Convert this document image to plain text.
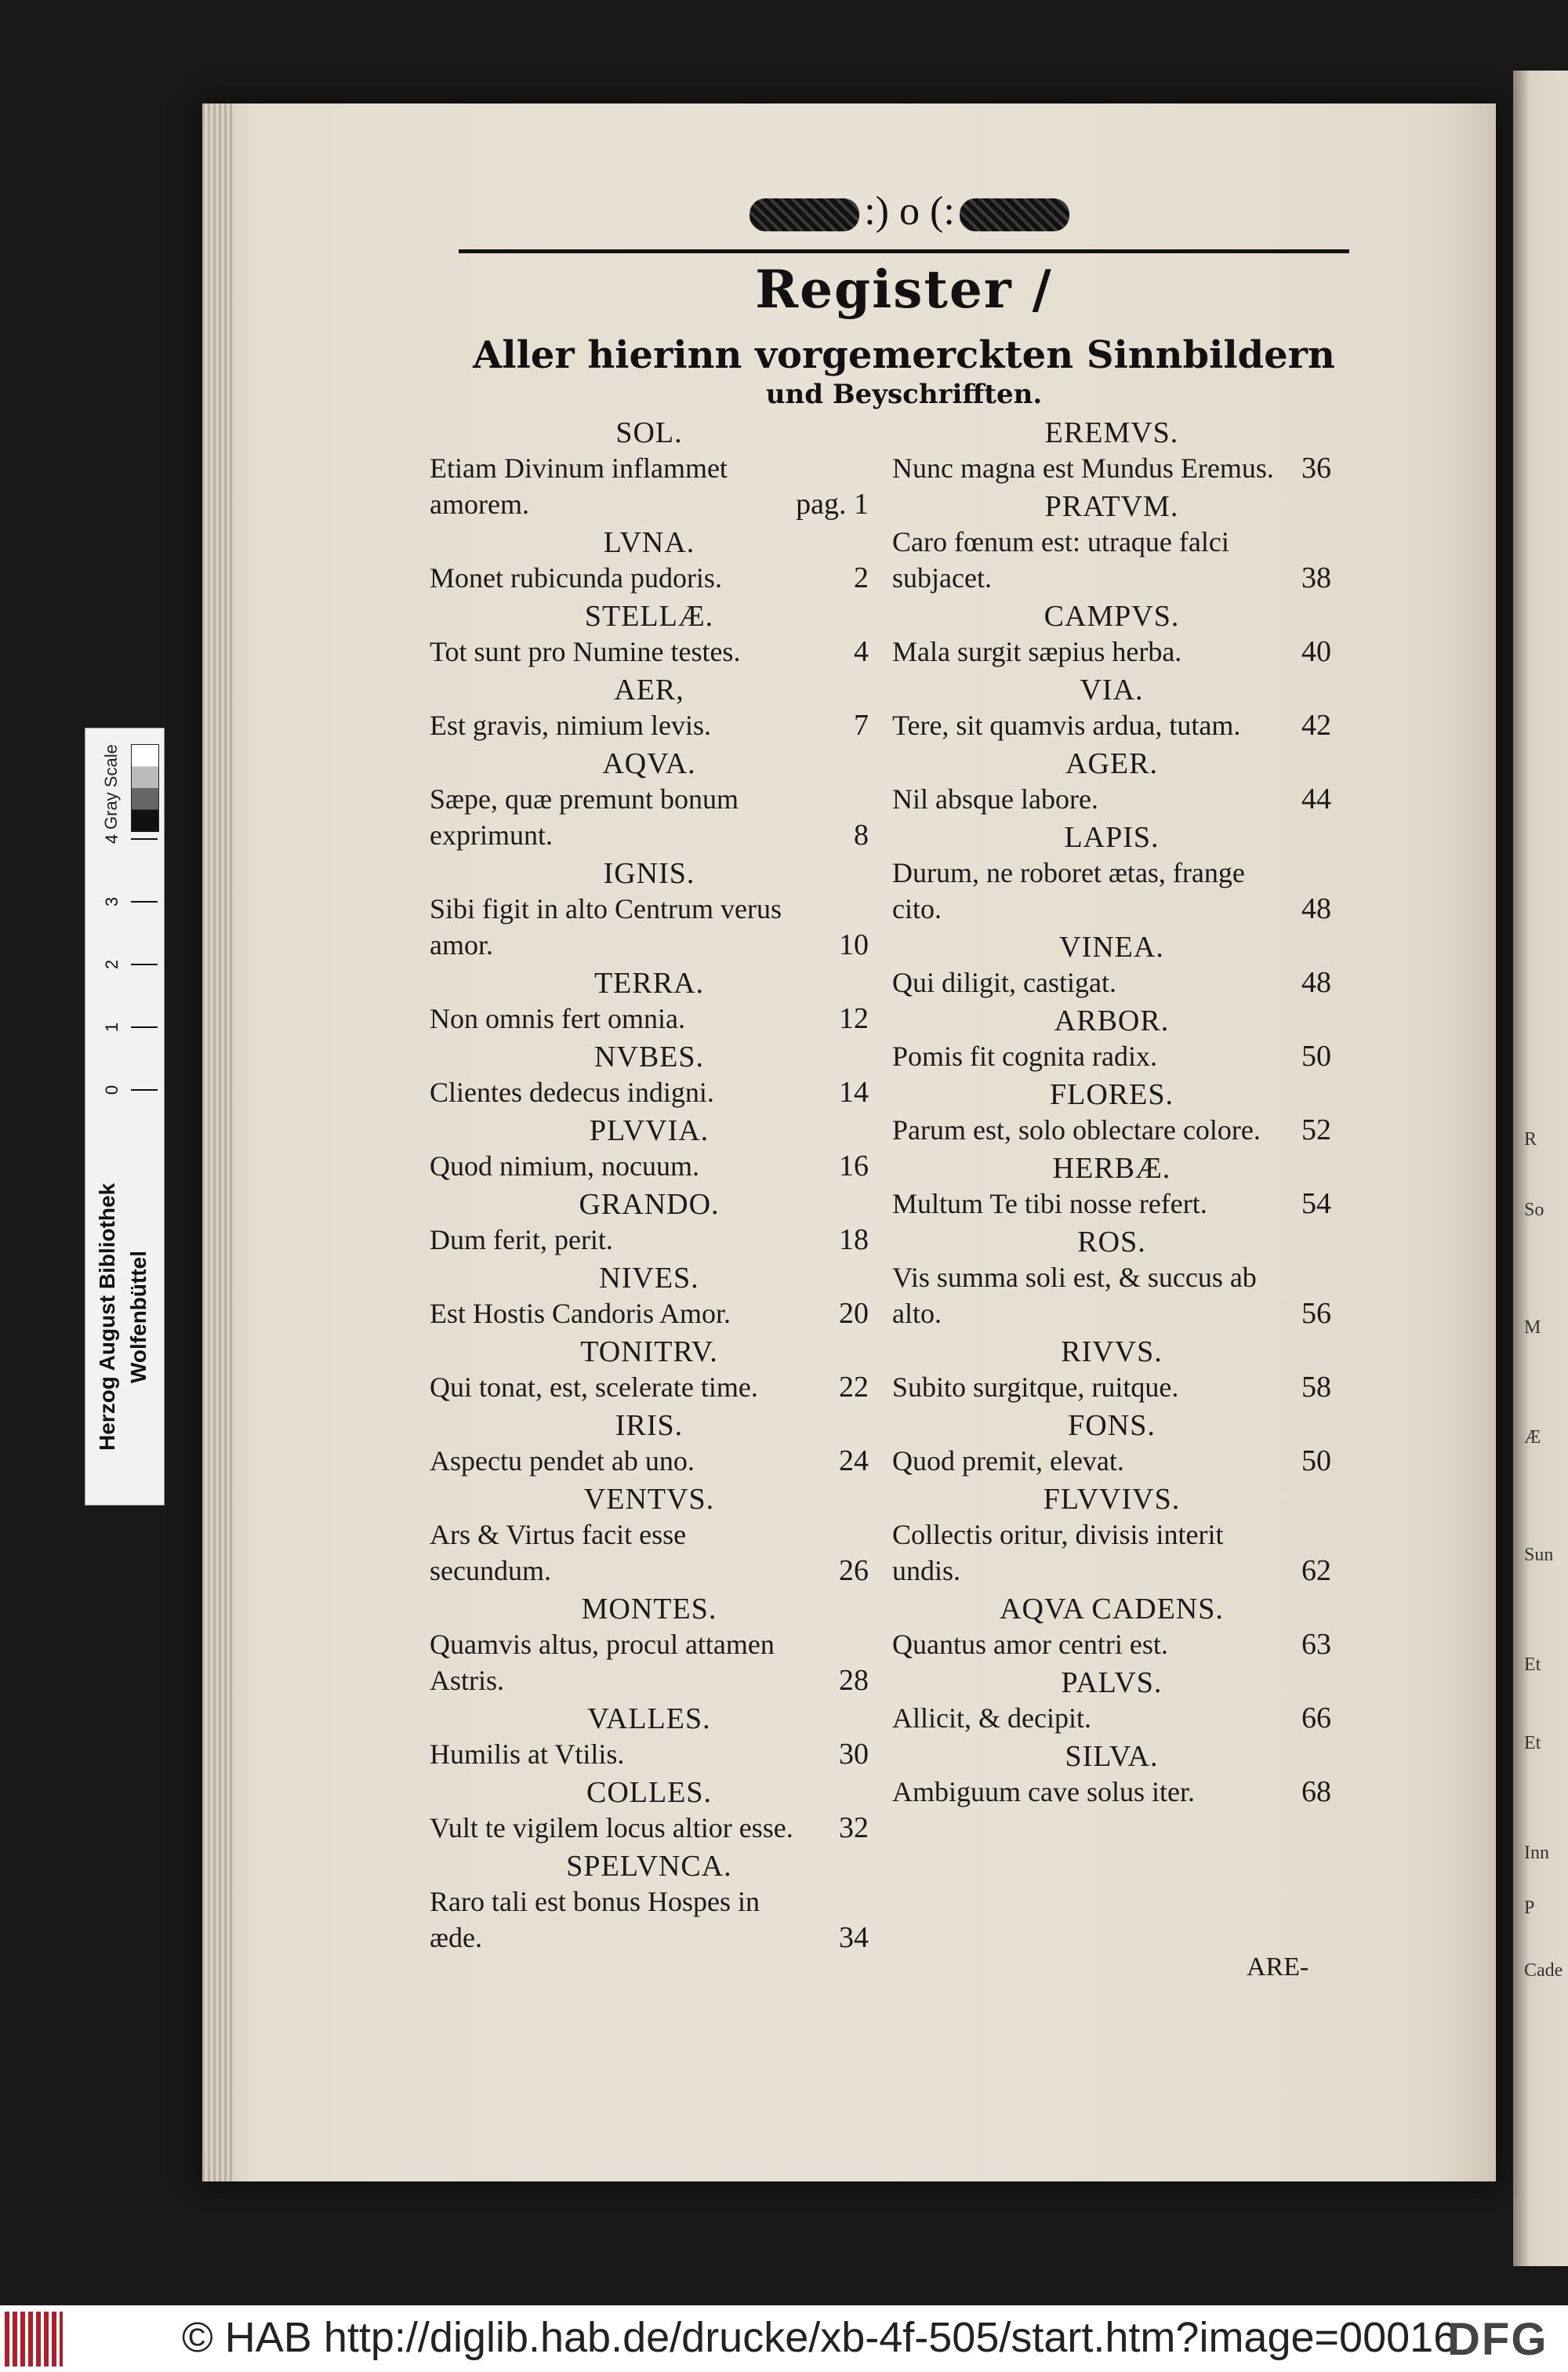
R
So
M
Æ
Sun
Et
Et
Inn
P
Cade
Gray Scale
4
3
2
1
0
Herzog August Bibliothek Wolfenbüttel
:) o (:
Register /
Aller hierinn vorgemerckten Sinnbildern
und Beyschrifften.
SOL.
Etiam Divinum inflammet amorem.	pag. 1
LVNA.
Monet rubicunda pudoris.	2
STELLÆ.
Tot sunt pro Numine testes.	4
AER,
Est gravis, nimium levis.	7
AQVA.
Sæpe, quæ premunt bonum exprimunt.	8
IGNIS.
Sibi figit in alto Centrum verus amor.	10
TERRA.
Non omnis fert omnia.	12
NVBES.
Clientes dedecus indigni.	14
PLVVIA.
Quod nimium, nocuum.	16
GRANDO.
Dum ferit, perit.	18
NIVES.
Est Hostis Candoris Amor.	20
TONITRV.
Qui tonat, est, scelerate time.	22
IRIS.
Aspectu pendet ab uno.	24
VENTVS.
Ars & Virtus facit esse secundum.	26
MONTES.
Quamvis altus, procul attamen Astris.	28
VALLES.
Humilis at Vtilis.	30
COLLES.
Vult te vigilem locus altior esse.	32
SPELVNCA.
Raro tali est bonus Hospes in æde.	34
EREMVS.
Nunc magna est Mundus Eremus. 36
PRATVM.
Caro fœnum est: utraque falci subjacet.	38
CAMPVS.
Mala surgit sæpius herba.	40
VIA.
Tere, sit quamvis ardua, tutam.	42
AGER.
Nil absque labore.	44
LAPIS.
Durum, ne roboret ætas, frange cito.	48
VINEA.
Qui diligit, castigat.	48
ARBOR.
Pomis fit cognita radix.	50
FLORES.
Parum est, solo oblectare colore.	52
HERBÆ.
Multum Te tibi nosse refert.	54
ROS.
Vis summa soli est, & succus ab alto.	56
RIVVS.
Subito surgitque, ruitque.	58
FONS.
Quod premit, elevat.	50
FLVVIVS.
Collectis oritur, divisis interit undis.	62
AQVA CADENS.
Quantus amor centri est.	63
PALVS.
Allicit, & decipit.	66
SILVA.
Ambiguum cave solus iter.	68
ARE-
© HAB http://diglib.hab.de/drucke/xb-4f-505/start.htm?image=00016
DFG
